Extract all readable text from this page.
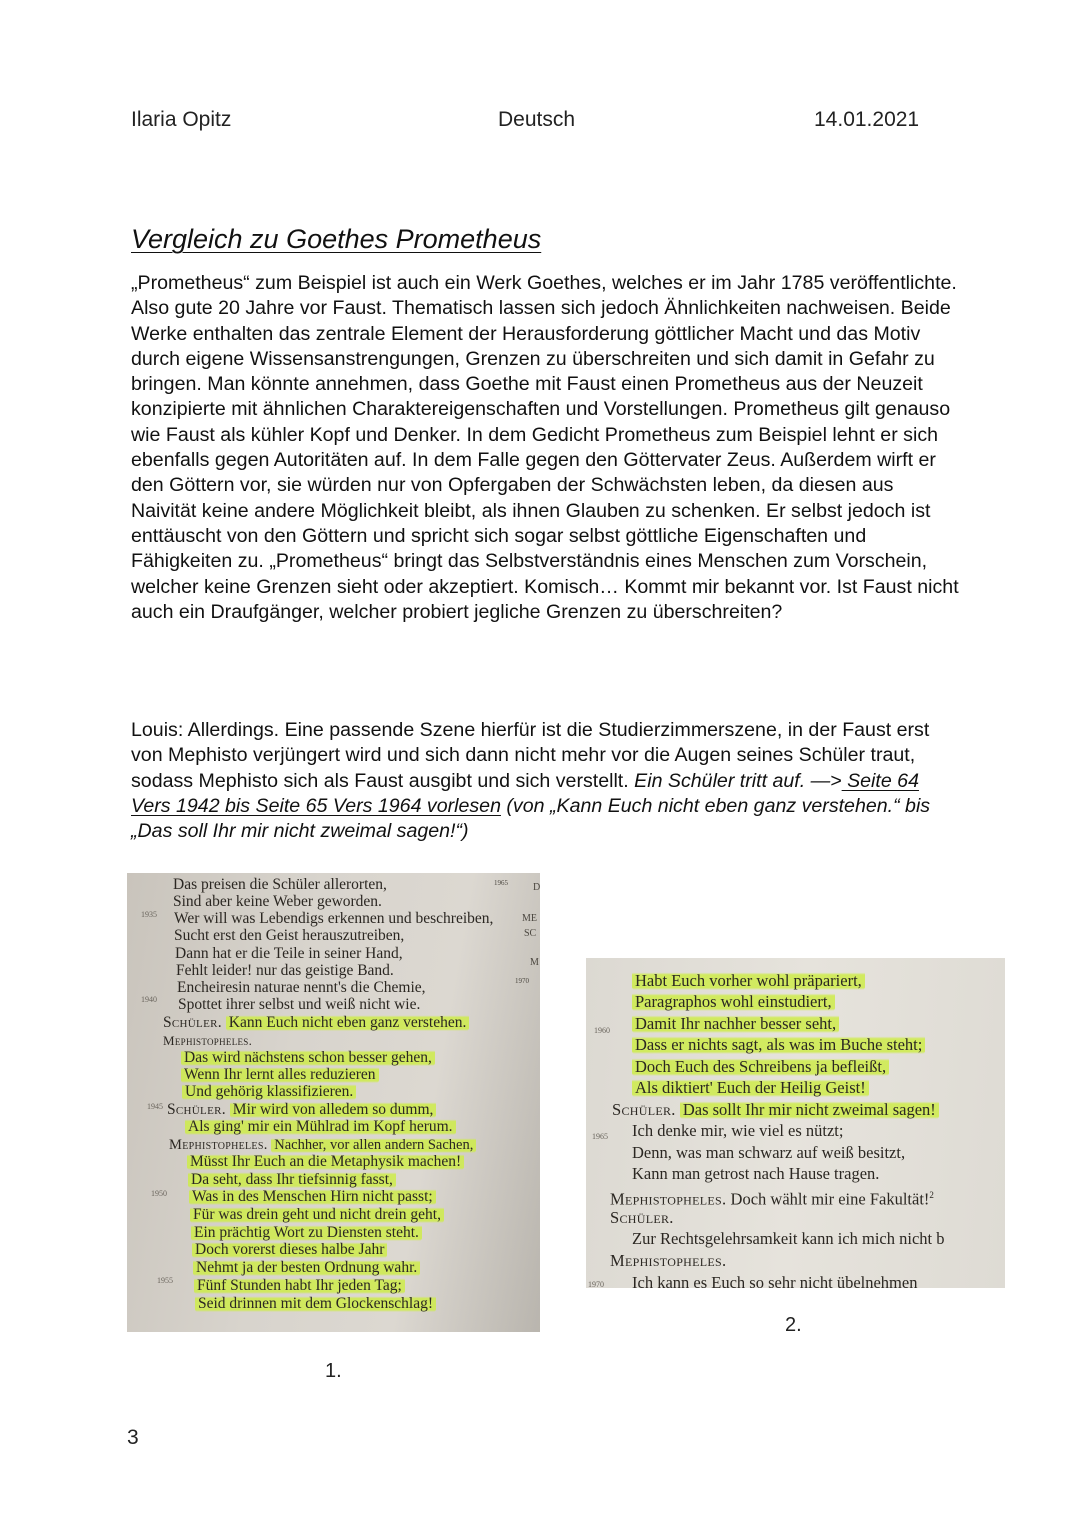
Ilaria Opitz	Deutsch	14.01.2021
Vergleich zu Goethes Prometheus

„Prometheus“ zum Beispiel ist auch ein Werk Goethes, welches er im Jahr 1785 veröffentlichte. Also gute 20 Jahre vor Faust. Thematisch lassen sich jedoch Ähnlichkeiten nachweisen. Beide Werke enthalten das zentrale Element der Herausforderung göttlicher Macht und das Motiv durch eigene Wissensanstrengungen, Grenzen zu überschreiten und sich damit in Gefahr zu bringen. Man könnte annehmen, dass Goethe mit Faust einen Prometheus aus der Neuzeit konzipierte mit ähnlichen Charaktereigenschaften und Vorstellungen. Prometheus gilt genauso wie Faust als kühler Kopf und Denker. In dem Gedicht Prometheus zum Beispiel lehnt er sich ebenfalls gegen Autoritäten auf. In dem Falle gegen den Göttervater Zeus. Außerdem wirft er den Göttern vor, sie würden nur von Opfergaben der Schwächsten leben, da diesen aus Naivität keine andere Möglichkeit bleibt, als ihnen Glauben zu schenken. Er selbst jedoch ist enttäuscht von den Göttern und spricht sich sogar selbst göttliche Eigenschaften und Fähigkeiten zu. „Prometheus“ bringt das Selbstverständnis eines Menschen zum Vorschein, welcher keine Grenzen sieht oder akzeptiert. Komisch… Kommt mir bekannt vor. Ist Faust nicht auch ein Draufgänger, welcher probiert jegliche Grenzen zu überschreiten?

Louis: Allerdings. Eine passende Szene hierfür ist die Studierzimmerszene, in der Faust erst von Mephisto verjüngert wird und sich dann nicht mehr vor die Augen seines Schüler traut, sodass Mephisto sich als Faust ausgibt und sich verstellt. Ein Schüler tritt auf. —> Seite 64 Vers 1942 bis Seite 65 Vers 1964 vorlesen (von „Kann Euch nicht eben ganz verstehen.“ bis „Das soll Ihr mir nicht zweimal sagen!“)

1935
1940
1945
1950
1955
1965	D
ME
SC
M
1970
Das preisen die Schüler allerorten,
Sind aber keine Weber geworden.
Wer will was Lebendigs erkennen und beschreiben,
Sucht erst den Geist herauszutreiben,
Dann hat er die Teile in seiner Hand,
Fehlt leider! nur das geistige Band.
Encheiresin naturae nennt's die Chemie,
Spottet ihrer selbst und weiß nicht wie.
Schüler. Kann Euch nicht eben ganz verstehen.
Mephistopheles.
Das wird nächstens schon besser gehen,
Wenn Ihr lernt alles reduzieren
Und gehörig klassifizieren.
Schüler. Mir wird von alledem so dumm,
Als ging' mir ein Mühlrad im Kopf herum.
Mephistopheles. Nachher, vor allen andern Sachen,
Müsst Ihr Euch an die Metaphysik machen!
Da seht, dass Ihr tiefsinnig fasst,
Was in des Menschen Hirn nicht passt;
Für was drein geht und nicht drein geht,
Ein prächtig Wort zu Diensten steht.
Doch vorerst dieses halbe Jahr
Nehmt ja der besten Ordnung wahr.
Fünf Stunden habt Ihr jeden Tag;
Seid drinnen mit dem Glockenschlag!
1.
1960
1965
1970
Habt Euch vorher wohl präpariert,
Paragraphos wohl einstudiert,
Damit Ihr nachher besser seht,
Dass er nichts sagt, als was im Buche steht;
Doch Euch des Schreibens ja befleißt,
Als diktiert' Euch der Heilig Geist!
Schüler. Das sollt Ihr mir nicht zweimal sagen!
Ich denke mir, wie viel es nützt;
Denn, was man schwarz auf weiß besitzt,
Kann man getrost nach Hause tragen.
Mephistopheles. Doch wählt mir eine Fakultät!$^2$
Schüler.
Zur Rechtsgelehrsamkeit kann ich mich nicht b
Mephistopheles.
Ich kann es Euch so sehr nicht übelnehmen
2.
3
